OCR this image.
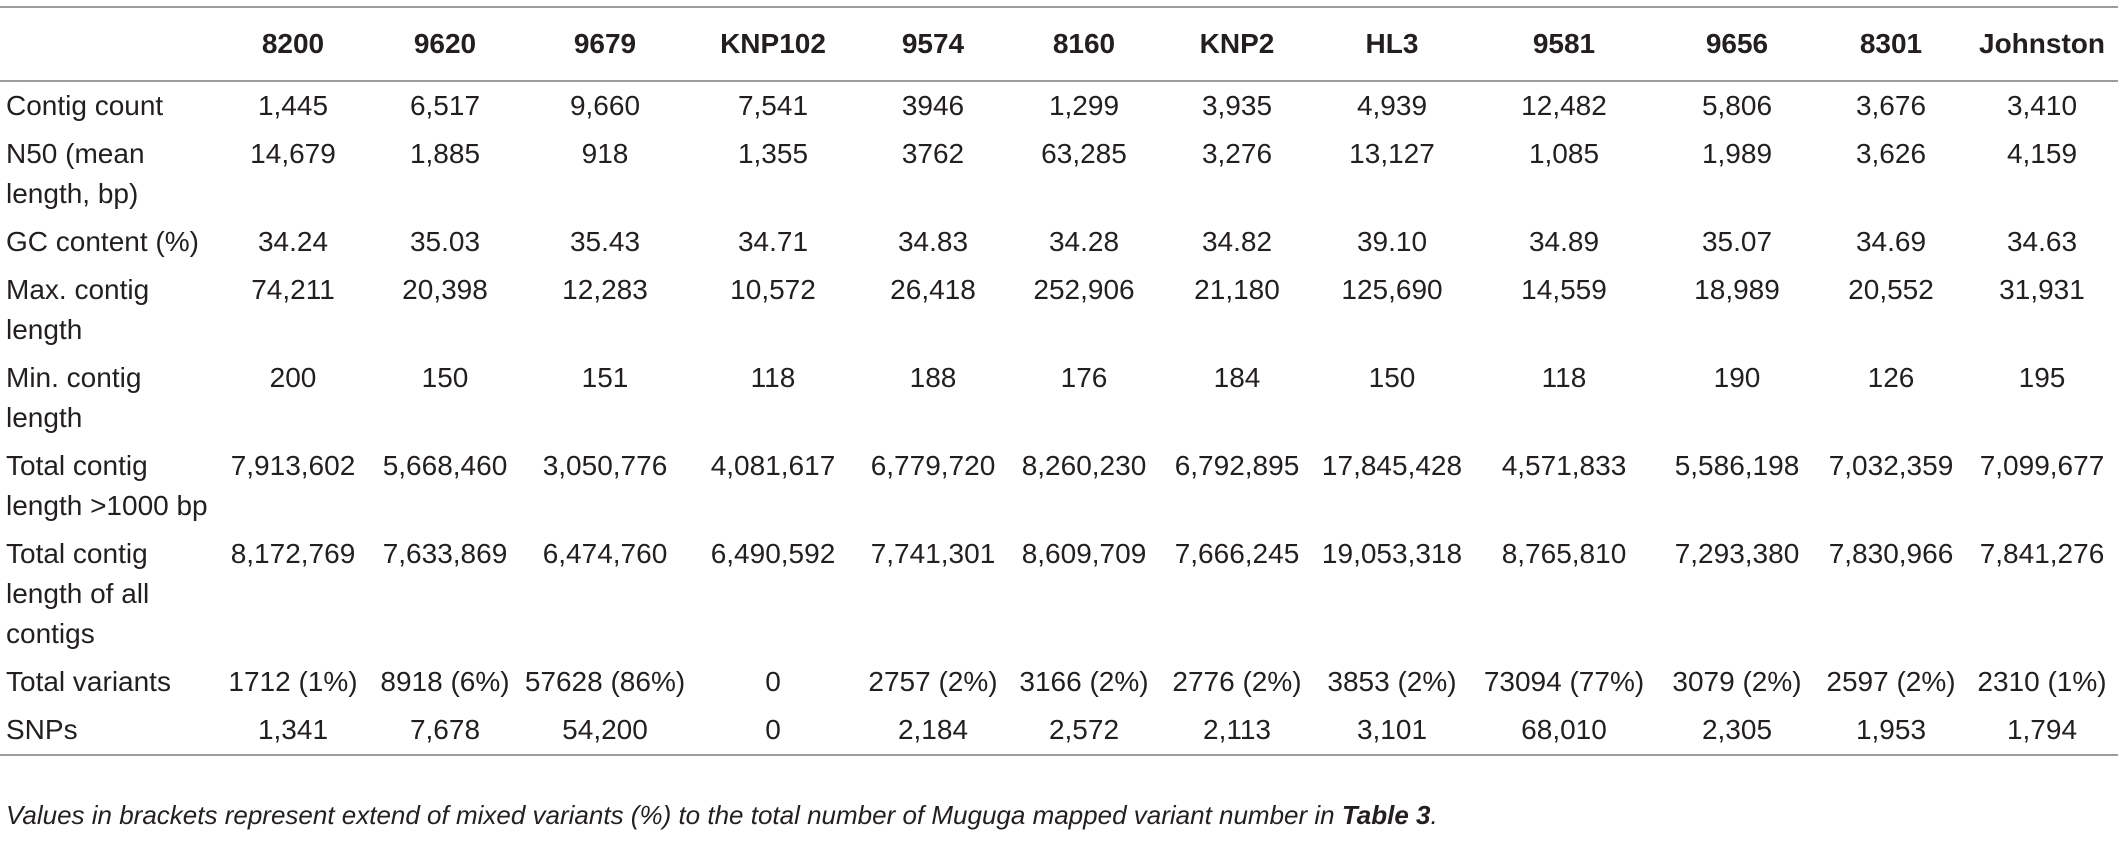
	8200	9620	9679	KNP102	9574	8160	KNP2	HL3	9581	9656	8301	Johnston
Contig count	1,445	6,517	9,660	7,541	3946	1,299	3,935	4,939	12,482	5,806	3,676	3,410
N50 (mean length, bp)	14,679	1,885	918	1,355	3762	63,285	3,276	13,127	1,085	1,989	3,626	4,159
GC content (%)	34.24	35.03	35.43	34.71	34.83	34.28	34.82	39.10	34.89	35.07	34.69	34.63
Max. contig length	74,211	20,398	12,283	10,572	26,418	252,906	21,180	125,690	14,559	18,989	20,552	31,931
Min. contig length	200	150	151	118	188	176	184	150	118	190	126	195
Total contig length >1000 bp	7,913,602	5,668,460	3,050,776	4,081,617	6,779,720	8,260,230	6,792,895	17,845,428	4,571,833	5,586,198	7,032,359	7,099,677
Total contig length of all contigs	8,172,769	7,633,869	6,474,760	6,490,592	7,741,301	8,609,709	7,666,245	19,053,318	8,765,810	7,293,380	7,830,966	7,841,276
Total variants	1712 (1%)	8918 (6%)	57628 (86%)	0	2757 (2%)	3166 (2%)	2776 (2%)	3853 (2%)	73094 (77%)	3079 (2%)	2597 (2%)	2310 (1%)
SNPs	1,341	7,678	54,200	0	2,184	2,572	2,113	3,101	68,010	2,305	1,953	1,794
Values in brackets represent extend of mixed variants (%) to the total number of Muguga mapped variant number in Table 3.
